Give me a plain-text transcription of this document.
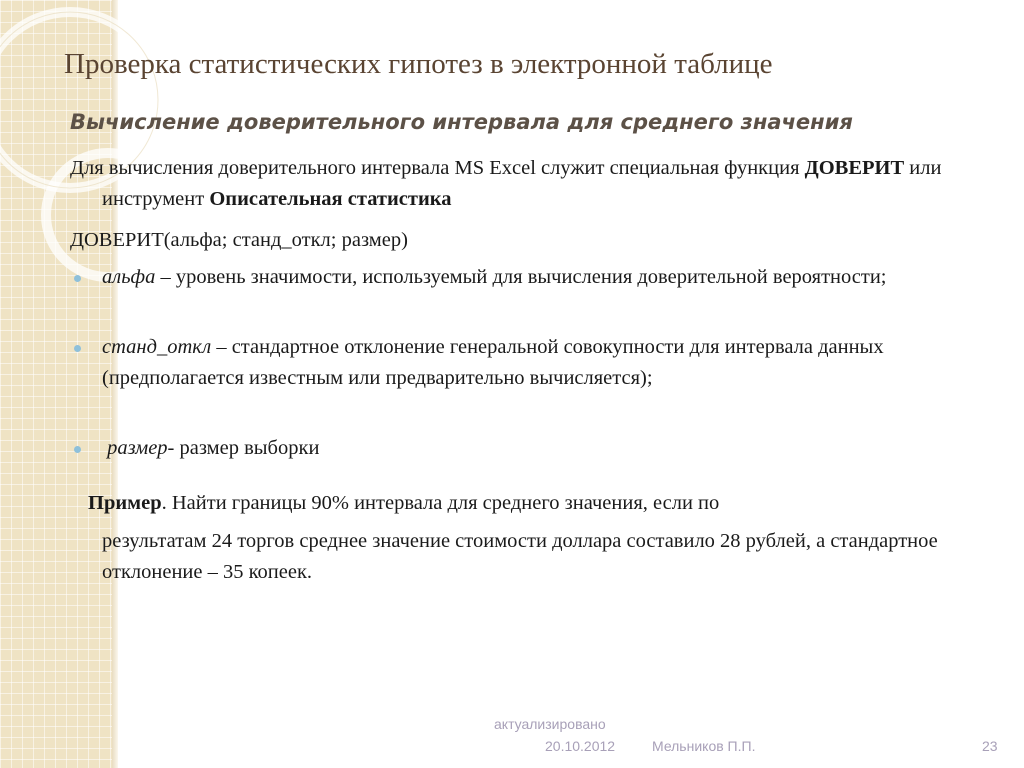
Проверка статистических гипотез в электронной таблице
Вычисление доверительного интервала для среднего значения
Для вычисления доверительного интервала MS Excel служит специальная функция ДОВЕРИТ или инструмент Описательная статистика
ДОВЕРИТ(альфа; станд_откл; размер)
альфа – уровень значимости, используемый для вычисления доверительной вероятности;
станд_откл – стандартное отклонение генеральной совокупности для интервала данных (предполагается известным или предварительно вычисляется);
размер- размер выборки
Пример. Найти границы 90% интервала для среднего значения, если по
результатам 24 торгов среднее значение стоимости доллара составило 28 рублей, а стандартное отклонение – 35 копеек.
актуализировано
20.10.2012	Мельников П.П.	23
